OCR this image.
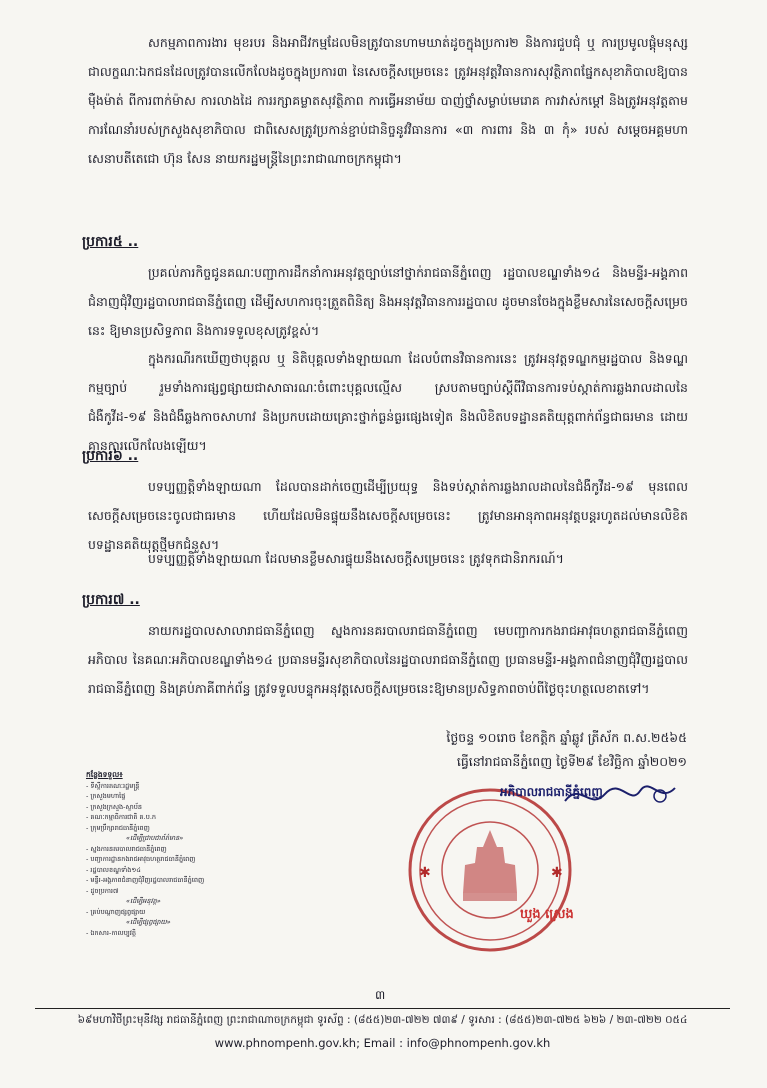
សកម្មភាពការងារ មុខរបរ និងអាជីវកម្មដែលមិនត្រូវបានហាមឃាត់ដូចក្នុងប្រការ២ និងការជួបជុំ ឬ ការប្រមូលផ្ដុំមនុស្សជាលក្ខណៈឯកជនដែលត្រូវបានលើកលែងដូចក្នុងប្រការ៣ នៃសេចក្ដីសម្រេចនេះ ត្រូវអនុវត្តវិធានការសុវត្ថិភាពផ្នែកសុខាភិបាលឱ្យបានម៉ឺងម៉ាត់ ពីការពាក់ម៉ាស ការលាងដៃ ការរក្សាគម្លាតសុវត្ថិភាព ការធ្វើអនាម័យ បាញ់ថ្នាំសម្លាប់មេរោគ ការវាស់កម្ដៅ និងត្រូវអនុវត្តតាមការណែនាំរបស់ក្រសួងសុខាភិបាល ជាពិសេសត្រូវប្រកាន់ខ្ជាប់ជានិច្ចនូវវិធានការ «៣ ការពារ និង ៣ កុំ» របស់ សម្ដេចអគ្គមហាសេនាបតីតេជោ ហ៊ុន សែន នាយករដ្ឋមន្ត្រីនៃព្រះរាជាណាចក្រកម្ពុជា។
ប្រការ៥ ..
ប្រគល់ភារកិច្ចជូនគណៈបញ្ជាការដឹកនាំការអនុវត្តច្បាប់នៅថ្នាក់រាជធានីភ្នំពេញ រដ្ឋបាលខណ្ឌទាំង១៤ និងមន្ទីរ-អង្គភាពជំនាញជុំវិញរដ្ឋបាលរាជធានីភ្នំពេញ ដើម្បីសហការចុះត្រួតពិនិត្យ និងអនុវត្តវិធានការរដ្ឋបាល ដូចមានចែងក្នុងខ្លឹមសារនៃសេចក្ដីសម្រេចនេះ ឱ្យមានប្រសិទ្ធភាព និងការទទួលខុសត្រូវខ្ពស់។
ក្នុងករណីរកឃើញថាបុគ្គល ឬ និតិបុគ្គលទាំងឡាយណា ដែលបំពានវិធានការនេះ ត្រូវអនុវត្តទណ្ឌកម្មរដ្ឋបាល និងទណ្ឌកម្មច្បាប់ រួមទាំងការផ្សព្វផ្សាយជាសាធារណៈចំពោះបុគ្គលល្មើស ស្របតាមច្បាប់ស្ដីពីវិធានការទប់ស្កាត់ការឆ្លងរាលដាលនៃជំងឺកូវីដ-១៩ និងជំងឺឆ្លងកាចសាហាវ និងប្រកបដោយគ្រោះថ្នាក់ធ្ងន់ធ្ងរផ្សេងទៀត និងលិខិតបទដ្ឋានគតិយុត្តពាក់ព័ន្ធជាធរមាន ដោយគ្មានការលើកលែងឡើយ។
ប្រការ៦ ..
បទប្បញ្ញត្តិទាំងឡាយណា ដែលបានដាក់ចេញដើម្បីប្រយុទ្ធ និងទប់ស្កាត់ការឆ្លងរាលដាលនៃជំងឺកូវីដ-១៩ មុនពេលសេចក្ដីសម្រេចនេះចូលជាធរមាន ហើយដែលមិនផ្ទុយនឹងសេចក្ដីសម្រេចនេះ ត្រូវមានអានុភាពអនុវត្តបន្តរហូតដល់មានលិខិតបទដ្ឋានគតិយុត្តថ្មីមកជំនួស។
បទប្បញ្ញត្តិទាំងឡាយណា ដែលមានខ្លឹមសារផ្ទុយនឹងសេចក្ដីសម្រេចនេះ ត្រូវទុកជានិរាករណ៍។
ប្រការ៧ ..
នាយករដ្ឋបាលសាលារាជធានីភ្នំពេញ ស្នងការនគរបាលរាជធានីភ្នំពេញ មេបញ្ជាការកងរាជអាវុធហត្ថរាជធានីភ្នំពេញ អភិបាល នៃគណៈអភិបាលខណ្ឌទាំង១៤ ប្រធានមន្ទីរសុខាភិបាលនៃរដ្ឋបាលរាជធានីភ្នំពេញ ប្រធានមន្ទីរ-អង្គភាពជំនាញជុំវិញរដ្ឋបាលរាជធានីភ្នំពេញ និងគ្រប់ភាគីពាក់ព័ន្ធ ត្រូវទទួលបន្ទុកអនុវត្តសេចក្ដីសម្រេចនេះឱ្យមានប្រសិទ្ធភាពចាប់ពីថ្ងៃចុះហត្ថលេខាតទៅ។
ថ្ងៃចន្ទ ១០រោច ខែកត្ដិក ឆ្នាំឆ្លូវ ត្រីស័ក ព.ស.២៥៦៥
ធ្វើនៅរាជធានីភ្នំពេញ ថ្ងៃទី២៩ ខែវិច្ឆិកា ឆ្នាំ២០២១
កន្លែងទទួល៖
- ទីស្ដីការគណៈរដ្ឋមន្ត្រី
- ក្រសួងមហាផ្ទៃ
- ក្រសួងក្រសួង-ស្ថាប័ន
- គណៈកម្មាធិការជាតិ គ.ប.ក
- ក្រុមប្រឹក្សារាជធានីភ្នំពេញ
«ដើម្បីជ្រាបជាព័ត៌មាន»
- ស្នងការនគរបាលរាជធានីភ្នំពេញ
- បញ្ជាការដ្ឋានកងរាជអាវុធហត្ថរាជធានីភ្នំពេញ
- រដ្ឋបាលខណ្ឌទាំង១៤
- មន្ទីរ-អង្គភាពជំនាញជុំវិញរដ្ឋបាលរាជធានីភ្នំពេញ
- ដូចប្រការ៧
«ដើម្បីអនុវត្ត»
- គ្រប់បណ្ដាញផ្សព្វផ្សាយ
«ដើម្បីផ្សព្វផ្សាយ»
- ឯកសារ-កាលប្បវត្តិ
✱	✱
អភិបាលរាជធានីភ្នំពេញ
ឃួង ស្រេង
៣
៦៩មហាវិថីព្រះមុនីវង្ស រាជធានីភ្នំពេញ ព្រះរាជាណាចក្រកម្ពុជា ទូរស័ព្ទ : (៨៥៥)២៣-៧២២ ៧៣៩ / ទូរសារ : (៨៥៥)២៣-៧២៥ ៦២៦ / ២៣-៧២២ ០៥៤
www.phnompenh.gov.kh; Email : info@phnompenh.gov.kh
